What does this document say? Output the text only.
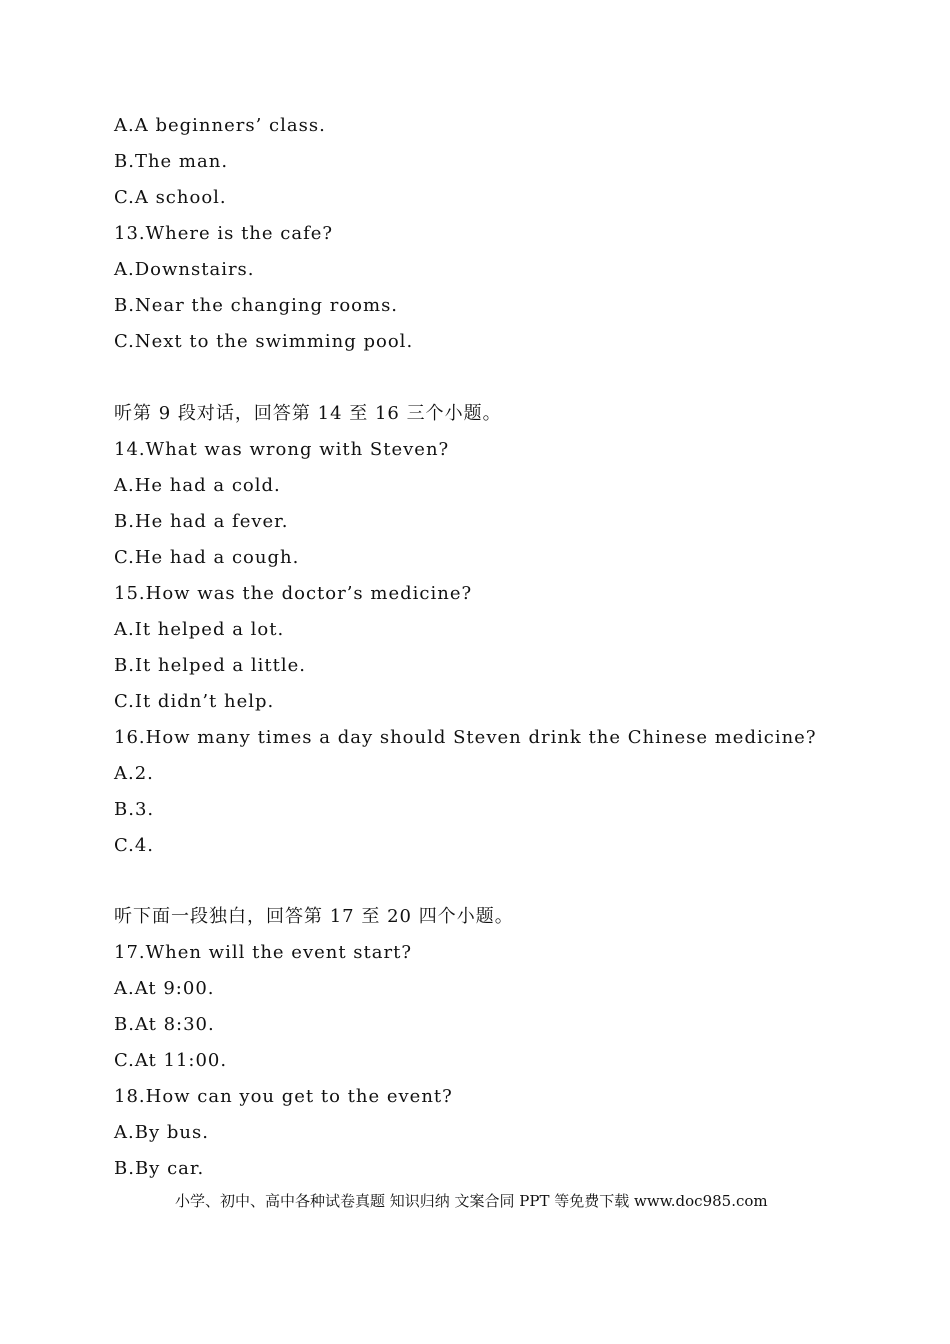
A.A beginners’ class.
B.The man.
C.A school.
13.Where is the cafe?
A.Downstairs.
B.Near the changing rooms.
C.Next to the swimming pool.
听第 9 段对话，回答第 14 至 16 三个小题。
14.What was wrong with Steven?
A.He had a cold.
B.He had a fever.
C.He had a cough.
15.How was the doctor’s medicine?
A.It helped a lot.
B.It helped a little.
C.It didn’t help.
16.How many times a day should Steven drink the Chinese medicine?
A.2.
B.3.
C.4.
听下面一段独白，回答第 17 至 20 四个小题。
17.When will the event start?
A.At 9:00.
B.At 8:30.
C.At 11:00.
18.How can you get to the event?
A.By bus.
B.By car.
小学、初中、高中各种试卷真题 知识归纳 文案合同 PPT 等免费下载 www.doc985.com
